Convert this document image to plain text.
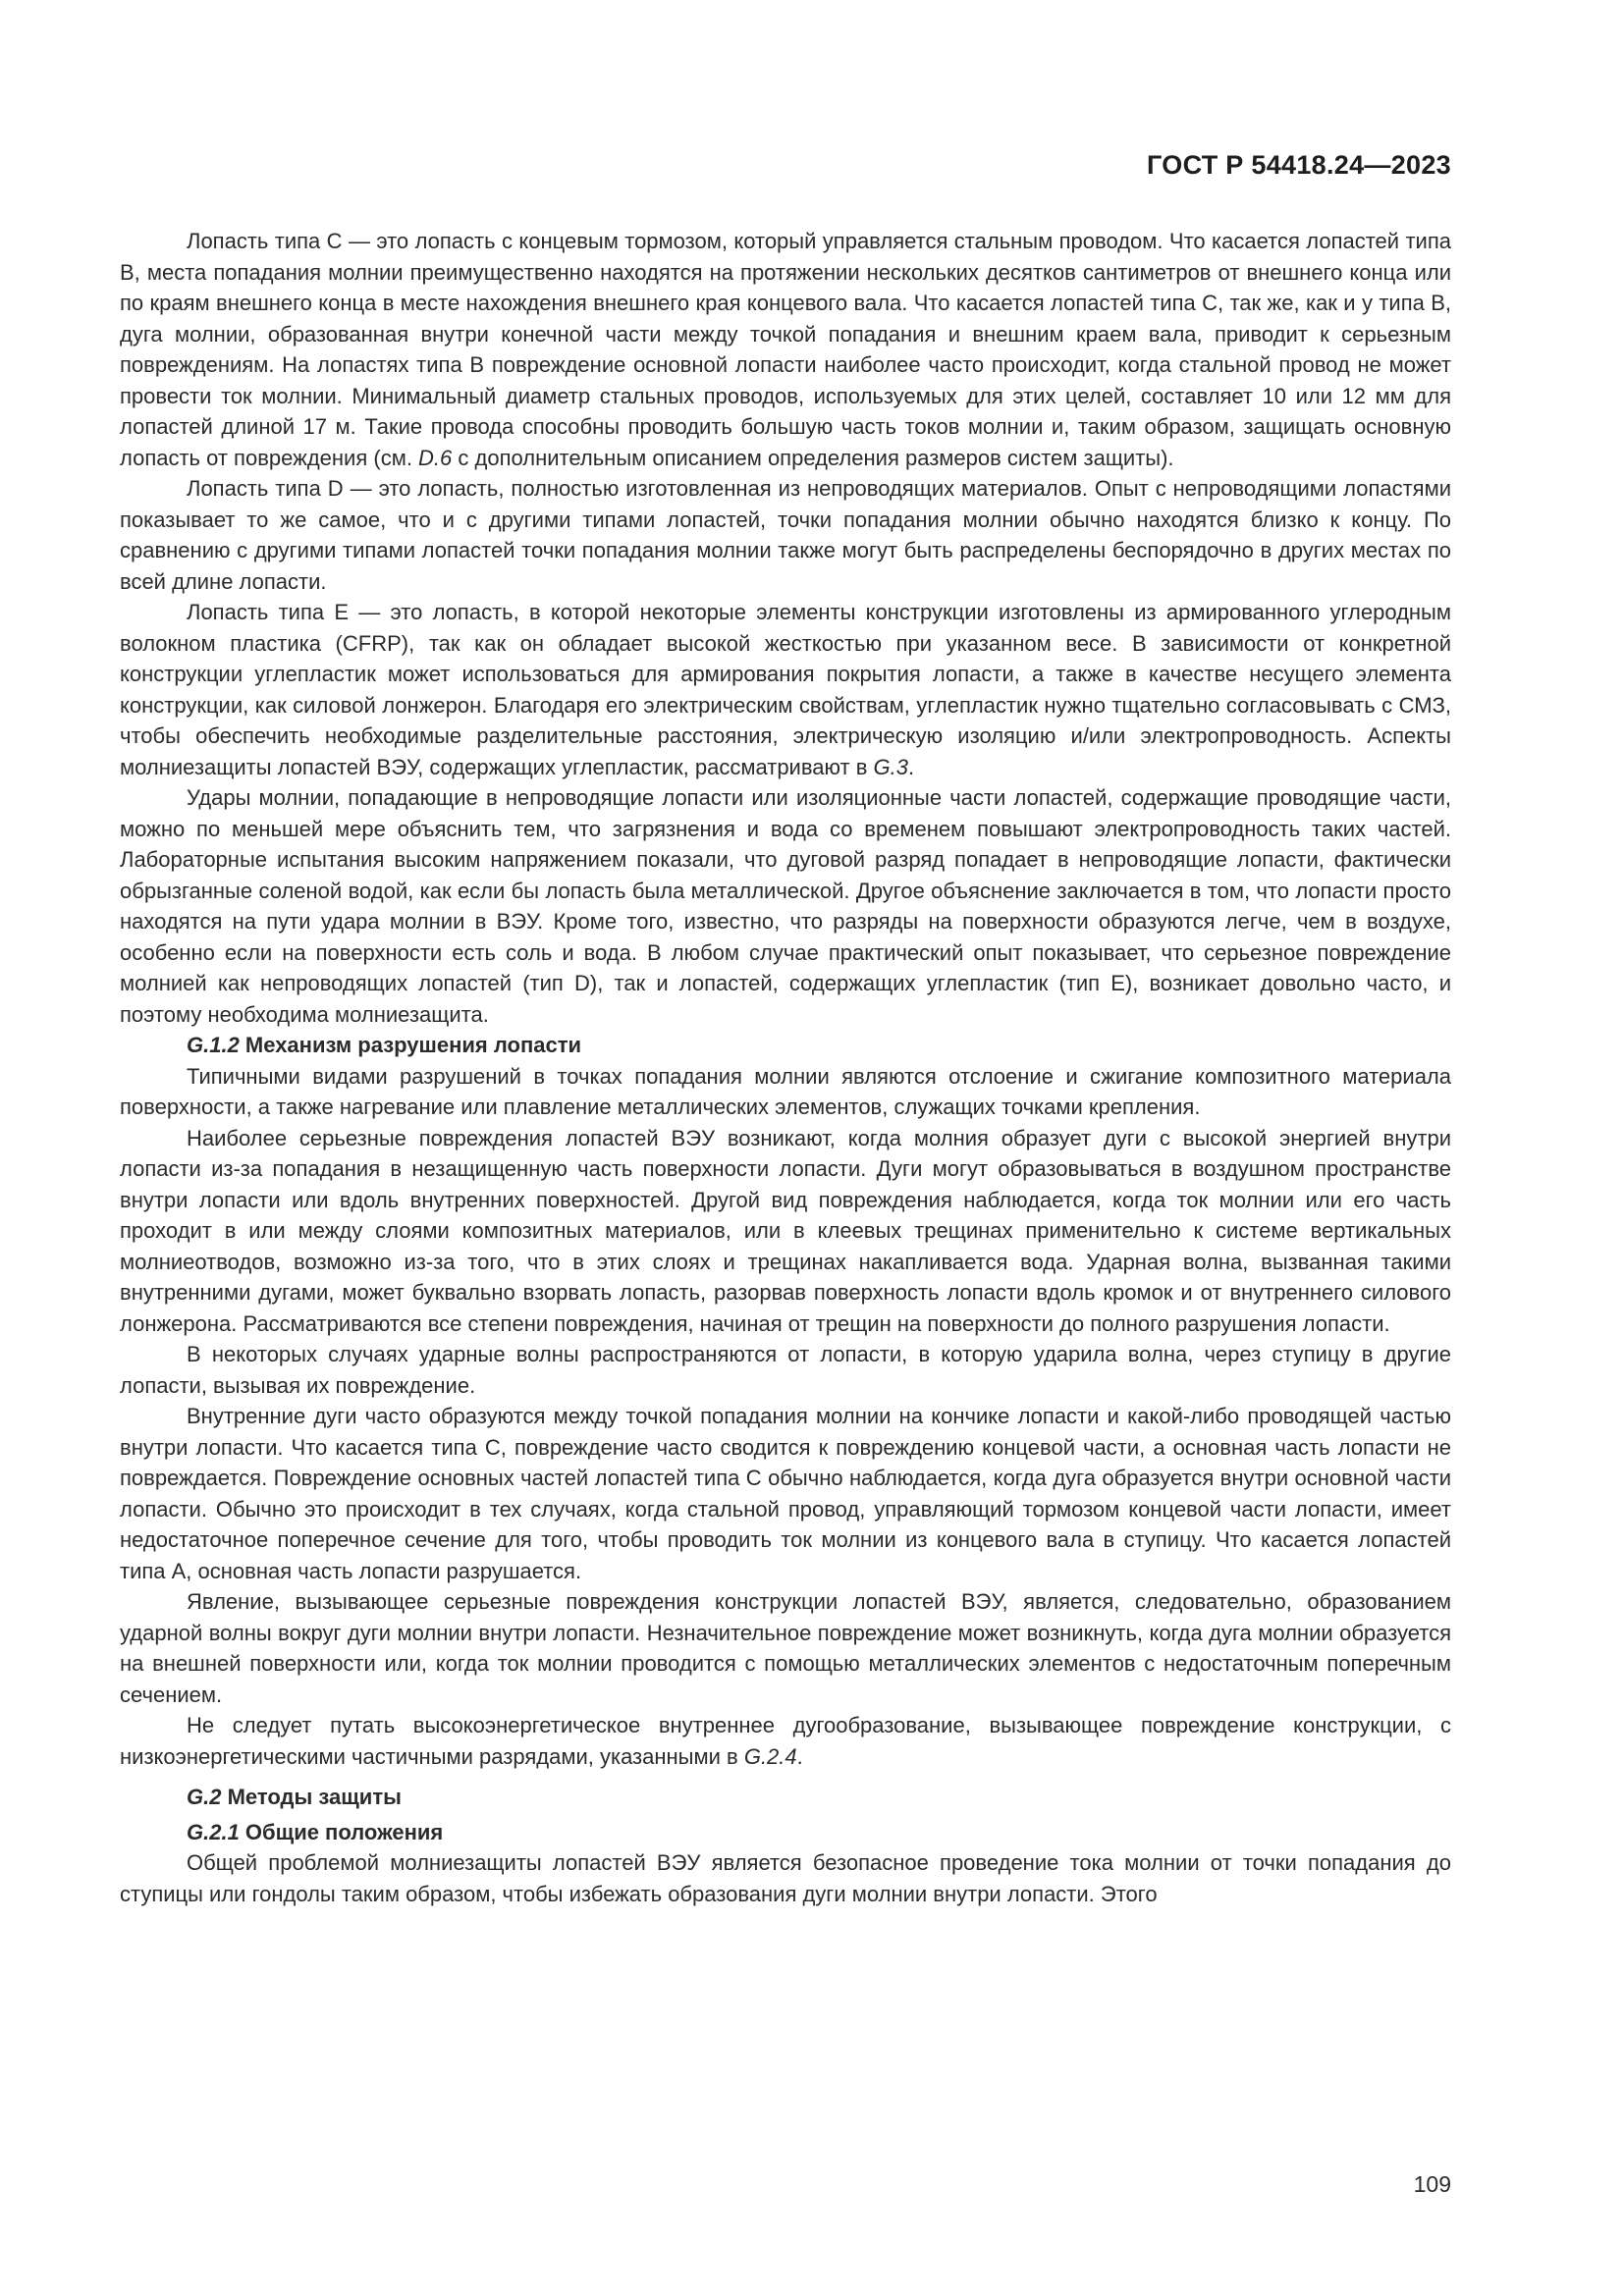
ГОСТ Р 54418.24—2023

Лопасть типа C — это лопасть с концевым тормозом, который управляется стальным проводом. Что касается лопастей типа B, места попадания молнии преимущественно находятся на протяжении нескольких десятков сантиметров от внешнего конца или по краям внешнего конца в месте нахождения внешнего края концевого вала. Что касается лопастей типа C, так же, как и у типа B, дуга молнии, образованная внутри конечной части между точкой попадания и внешним краем вала, приводит к серьезным повреждениям. На лопастях типа B повреждение основной лопасти наиболее часто происходит, когда стальной провод не может провести ток молнии. Минимальный диаметр стальных проводов, используемых для этих целей, составляет 10 или 12 мм для лопастей длиной 17 м. Такие провода способны проводить большую часть токов молнии и, таким образом, защищать основную лопасть от повреждения (см. D.6 с дополнительным описанием определения размеров систем защиты).

Лопасть типа D — это лопасть, полностью изготовленная из непроводящих материалов. Опыт с непроводящими лопастями показывает то же самое, что и с другими типами лопастей, точки попадания молнии обычно находятся близко к концу. По сравнению с другими типами лопастей точки попадания молнии также могут быть распределены беспорядочно в других местах по всей длине лопасти.

Лопасть типа E — это лопасть, в которой некоторые элементы конструкции изготовлены из армированного углеродным волокном пластика (CFRP), так как он обладает высокой жесткостью при указанном весе. В зависимости от конкретной конструкции углепластик может использоваться для армирования покрытия лопасти, а также в качестве несущего элемента конструкции, как силовой лонжерон. Благодаря его электрическим свойствам, углепластик нужно тщательно согласовывать с СМЗ, чтобы обеспечить необходимые разделительные расстояния, электрическую изоляцию и/или электропроводность. Аспекты молниезащиты лопастей ВЭУ, содержащих углепластик, рассматривают в G.3.

Удары молнии, попадающие в непроводящие лопасти или изоляционные части лопастей, содержащие проводящие части, можно по меньшей мере объяснить тем, что загрязнения и вода со временем повышают электропроводность таких частей. Лабораторные испытания высоким напряжением показали, что дуговой разряд попадает в непроводящие лопасти, фактически обрызганные соленой водой, как если бы лопасть была металлической. Другое объяснение заключается в том, что лопасти просто находятся на пути удара молнии в ВЭУ. Кроме того, известно, что разряды на поверхности образуются легче, чем в воздухе, особенно если на поверхности есть соль и вода. В любом случае практический опыт показывает, что серьезное повреждение молнией как непроводящих лопастей (тип D), так и лопастей, содержащих углепластик (тип E), возникает довольно часто, и поэтому необходима молниезащита.

G.1.2 Механизм разрушения лопасти

Типичными видами разрушений в точках попадания молнии являются отслоение и сжигание композитного материала поверхности, а также нагревание или плавление металлических элементов, служащих точками крепления.

Наиболее серьезные повреждения лопастей ВЭУ возникают, когда молния образует дуги с высокой энергией внутри лопасти из-за попадания в незащищенную часть поверхности лопасти. Дуги могут образовываться в воздушном пространстве внутри лопасти или вдоль внутренних поверхностей. Другой вид повреждения наблюдается, когда ток молнии или его часть проходит в или между слоями композитных материалов, или в клеевых трещинах применительно к системе вертикальных молниеотводов, возможно из-за того, что в этих слоях и трещинах накапливается вода. Ударная волна, вызванная такими внутренними дугами, может буквально взорвать лопасть, разорвав поверхность лопасти вдоль кромок и от внутреннего силового лонжерона. Рассматриваются все степени повреждения, начиная от трещин на поверхности до полного разрушения лопасти.

В некоторых случаях ударные волны распространяются от лопасти, в которую ударила волна, через ступицу в другие лопасти, вызывая их повреждение.

Внутренние дуги часто образуются между точкой попадания молнии на кончике лопасти и какой-либо проводящей частью внутри лопасти. Что касается типа C, повреждение часто сводится к повреждению концевой части, а основная часть лопасти не повреждается. Повреждение основных частей лопастей типа C обычно наблюдается, когда дуга образуется внутри основной части лопасти. Обычно это происходит в тех случаях, когда стальной провод, управляющий тормозом концевой части лопасти, имеет недостаточное поперечное сечение для того, чтобы проводить ток молнии из концевого вала в ступицу. Что касается лопастей типа A, основная часть лопасти разрушается.

Явление, вызывающее серьезные повреждения конструкции лопастей ВЭУ, является, следовательно, образованием ударной волны вокруг дуги молнии внутри лопасти. Незначительное повреждение может возникнуть, когда дуга молнии образуется на внешней поверхности или, когда ток молнии проводится с помощью металлических элементов с недостаточным поперечным сечением.

Не следует путать высокоэнергетическое внутреннее дугообразование, вызывающее повреждение конструкции, с низкоэнергетическими частичными разрядами, указанными в G.2.4.

G.2 Методы защиты
G.2.1 Общие положения

Общей проблемой молниезащиты лопастей ВЭУ является безопасное проведение тока молнии от точки попадания до ступицы или гондолы таким образом, чтобы избежать образования дуги молнии внутри лопасти. Этого

109
